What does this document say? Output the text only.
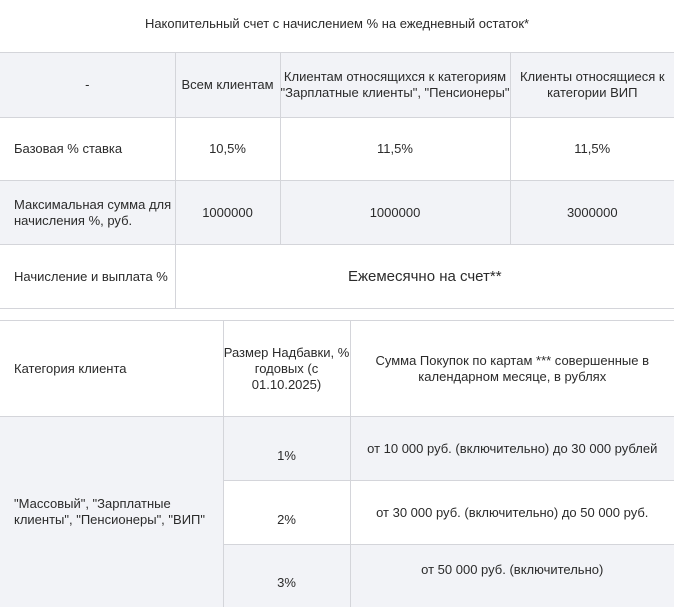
Накопительный счет с начислением % на ежедневный остаток*
-	Всем клиентам	Клиентам относящихся к категориям "Зарплатные клиенты", "Пенсионеры"	Клиенты относящиеся к категории ВИП
Базовая % ставка	10,5%	11,5%	11,5%
Максимальная сумма для начисления %, руб.	1000000	1000000	3000000
Начисление и выплата %	Ежемесячно на счет**		
Категория клиента	Размер Надбавки, % годовых (с 01.10.2025)	Сумма Покупок по картам *** совершенные в календарном месяце, в рублях
"Массовый", "Зарплатные клиенты", "Пенсионеры", "ВИП"	1%	от 10 000 руб. (включительно) до 30 000 рублей
	2%	от 30 000 руб. (включительно) до 50 000 руб.
	3%	от 50 000 руб. (включительно)
